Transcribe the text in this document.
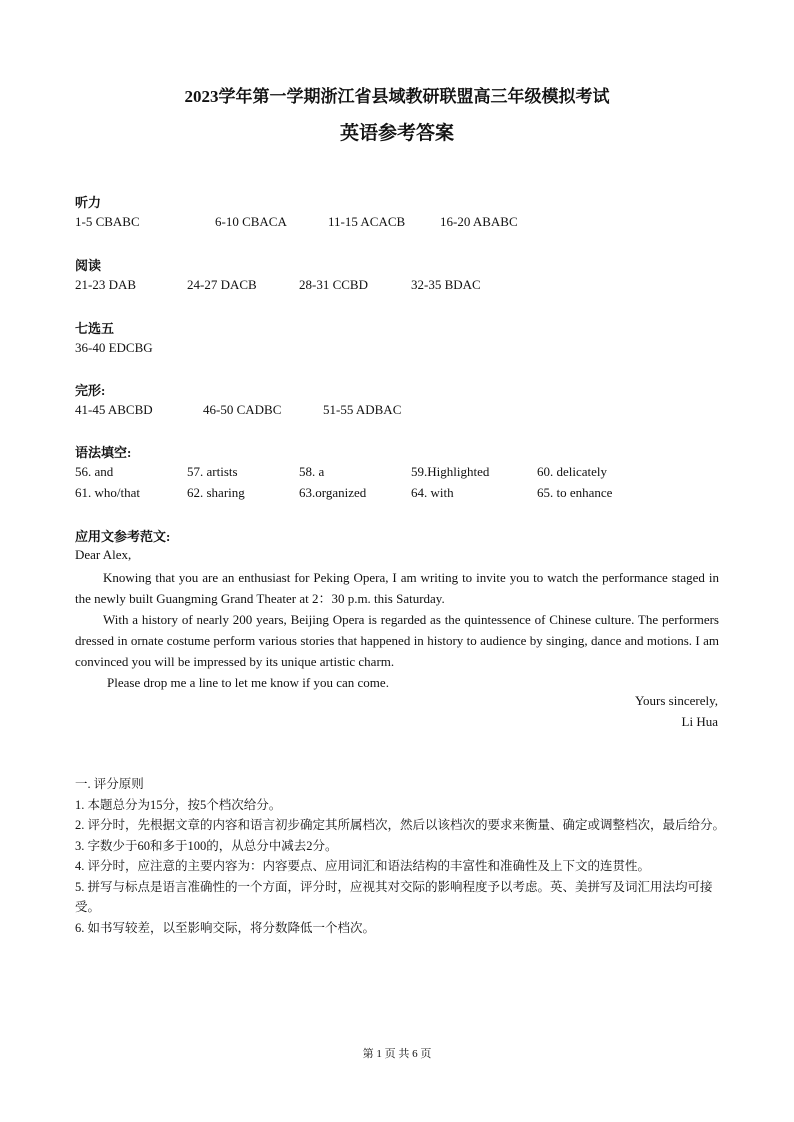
2023学年第一学期浙江省县域教研联盟高三年级模拟考试
英语参考答案
听力
1-5 CBABC	6-10 CBACA	11-15 ACACB	16-20 ABABC
阅读
21-23 DAB	24-27 DACB	28-31 CCBD	32-35 BDAC
七选五
36-40 EDCBG
完形:
41-45 ABCBD	46-50 CADBC	51-55 ADBAC
语法填空:
56. and	57. artists	58. a	59.Highlighted	60. delicately
61. who/that	62. sharing	63.organized	64. with	65. to enhance
应用文参考范文:
Dear Alex,
Knowing that you are an enthusiast for Peking Opera, I am writing to invite you to watch the performance staged in the newly built Guangming Grand Theater at 2：30 p.m. this Saturday.
With a history of nearly 200 years, Beijing Opera is regarded as the quintessence of Chinese culture. The performers dressed in ornate costume perform various stories that happened in history to audience by singing, dance and motions. I am convinced you will be impressed by its unique artistic charm.
Please drop me a line to let me know if you can come.
Yours sincerely,
Li Hua
一. 评分原则
1. 本题总分为15分，按5个档次给分。
2. 评分时，先根据文章的内容和语言初步确定其所属档次，然后以该档次的要求来衡量、确定或调整档次，最后给分。
3. 字数少于60和多于100的，从总分中减去2分。
4. 评分时，应注意的主要内容为：内容要点、应用词汇和语法结构的丰富性和准确性及上下文的连贯性。
5. 拼写与标点是语言准确性的一个方面，评分时，应视其对交际的影响程度予以考虑。英、美拼写及词汇用法均可接受。
6. 如书写较差，以至影响交际，将分数降低一个档次。
第 1 页 共 6 页
